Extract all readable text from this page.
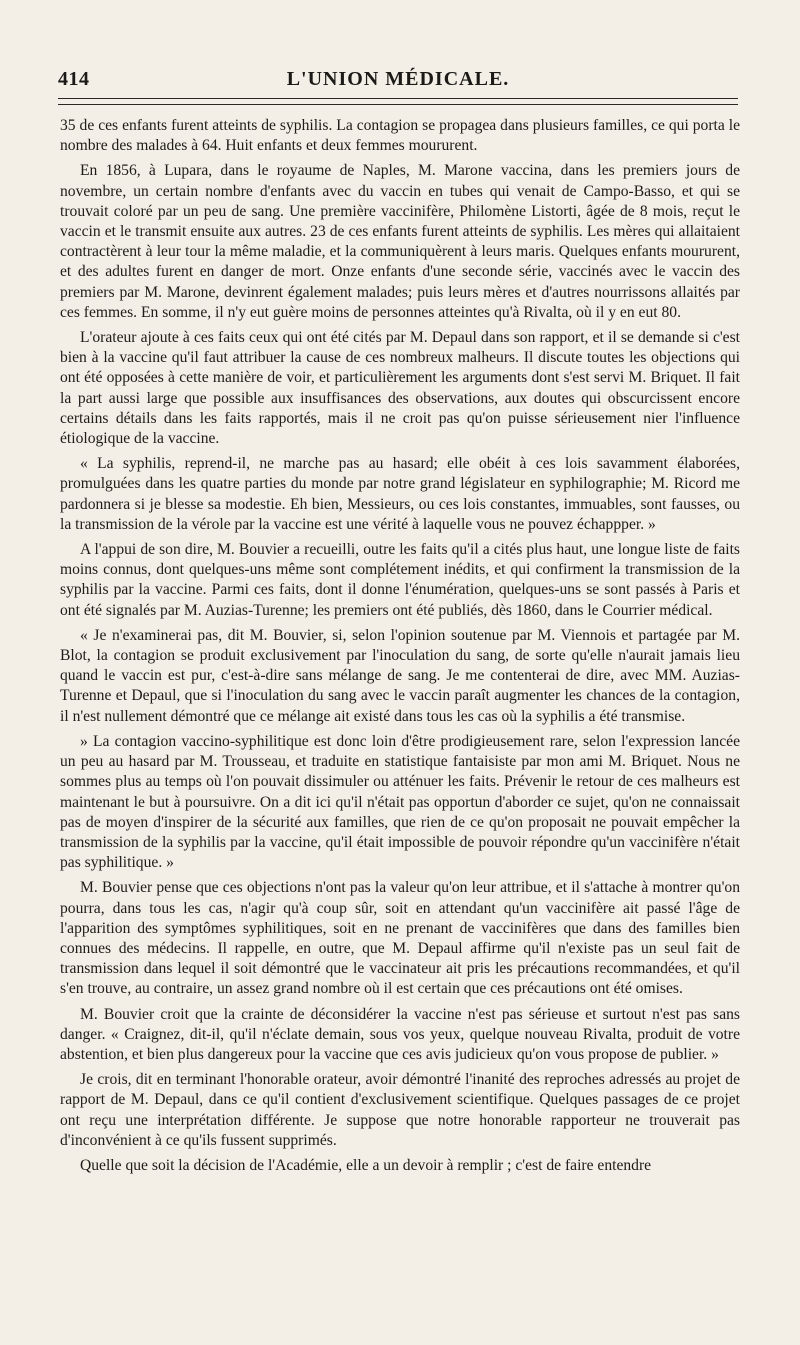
414	L'UNION MÉDICALE.

35 de ces enfants furent atteints de syphilis. La contagion se propagea dans plusieurs familles, ce qui porta le nombre des malades à 64. Huit enfants et deux femmes moururent.

En 1856, à Lupara, dans le royaume de Naples, M. Marone vaccina, dans les premiers jours de novembre, un certain nombre d'enfants avec du vaccin en tubes qui venait de Campo-Basso, et qui se trouvait coloré par un peu de sang. Une première vaccinifère, Philomène Listorti, âgée de 8 mois, reçut le vaccin et le transmit ensuite aux autres. 23 de ces enfants furent atteints de syphilis. Les mères qui allaitaient contractèrent à leur tour la même maladie, et la communiquèrent à leurs maris. Quelques enfants moururent, et des adultes furent en danger de mort. Onze enfants d'une seconde série, vaccinés avec le vaccin des premiers par M. Marone, devinrent également malades; puis leurs mères et d'autres nourrissons allaités par ces femmes. En somme, il n'y eut guère moins de personnes atteintes qu'à Rivalta, où il y en eut 80.

L'orateur ajoute à ces faits ceux qui ont été cités par M. Depaul dans son rapport, et il se demande si c'est bien à la vaccine qu'il faut attribuer la cause de ces nombreux malheurs. Il discute toutes les objections qui ont été opposées à cette manière de voir, et particulièrement les arguments dont s'est servi M. Briquet. Il fait la part aussi large que possible aux insuffisances des observations, aux doutes qui obscurcissent encore certains détails dans les faits rapportés, mais il ne croit pas qu'on puisse sérieusement nier l'influence étiologique de la vaccine.

« La syphilis, reprend-il, ne marche pas au hasard; elle obéit à ces lois savamment élaborées, promulguées dans les quatre parties du monde par notre grand législateur en syphilographie; M. Ricord me pardonnera si je blesse sa modestie. Eh bien, Messieurs, ou ces lois constantes, immuables, sont fausses, ou la transmission de la vérole par la vaccine est une vérité à laquelle vous ne pouvez échappper. »

A l'appui de son dire, M. Bouvier a recueilli, outre les faits qu'il a cités plus haut, une longue liste de faits moins connus, dont quelques-uns même sont complétement inédits, et qui confirment la transmission de la syphilis par la vaccine. Parmi ces faits, dont il donne l'énumération, quelques-uns se sont passés à Paris et ont été signalés par M. Auzias-Turenne; les premiers ont été publiés, dès 1860, dans le Courrier médical.

« Je n'examinerai pas, dit M. Bouvier, si, selon l'opinion soutenue par M. Viennois et partagée par M. Blot, la contagion se produit exclusivement par l'inoculation du sang, de sorte qu'elle n'aurait jamais lieu quand le vaccin est pur, c'est-à-dire sans mélange de sang. Je me contenterai de dire, avec MM. Auzias-Turenne et Depaul, que si l'inoculation du sang avec le vaccin paraît augmenter les chances de la contagion, il n'est nullement démontré que ce mélange ait existé dans tous les cas où la syphilis a été transmise.

» La contagion vaccino-syphilitique est donc loin d'être prodigieusement rare, selon l'expression lancée un peu au hasard par M. Trousseau, et traduite en statistique fantaisiste par mon ami M. Briquet. Nous ne sommes plus au temps où l'on pouvait dissimuler ou atténuer les faits. Prévenir le retour de ces malheurs est maintenant le but à poursuivre. On a dit ici qu'il n'était pas opportun d'aborder ce sujet, qu'on ne connaissait pas de moyen d'inspirer de la sécurité aux familles, que rien de ce qu'on proposait ne pouvait empêcher la transmission de la syphilis par la vaccine, qu'il était impossible de pouvoir répondre qu'un vaccinifère n'était pas syphilitique. »

M. Bouvier pense que ces objections n'ont pas la valeur qu'on leur attribue, et il s'attache à montrer qu'on pourra, dans tous les cas, n'agir qu'à coup sûr, soit en attendant qu'un vaccinifère ait passé l'âge de l'apparition des symptômes syphilitiques, soit en ne prenant de vaccinifères que dans des familles bien connues des médecins. Il rappelle, en outre, que M. Depaul affirme qu'il n'existe pas un seul fait de transmission dans lequel il soit démontré que le vaccinateur ait pris les précautions recommandées, et qu'il s'en trouve, au contraire, un assez grand nombre où il est certain que ces précautions ont été omises.

M. Bouvier croit que la crainte de déconsidérer la vaccine n'est pas sérieuse et surtout n'est pas sans danger. « Craignez, dit-il, qu'il n'éclate demain, sous vos yeux, quelque nouveau Rivalta, produit de votre abstention, et bien plus dangereux pour la vaccine que ces avis judicieux qu'on vous propose de publier. »

Je crois, dit en terminant l'honorable orateur, avoir démontré l'inanité des reproches adressés au projet de rapport de M. Depaul, dans ce qu'il contient d'exclusivement scientifique. Quelques passages de ce projet ont reçu une interprétation différente. Je suppose que notre honorable rapporteur ne trouverait pas d'inconvénient à ce qu'ils fussent supprimés.

Quelle que soit la décision de l'Académie, elle a un devoir à remplir ; c'est de faire entendre
